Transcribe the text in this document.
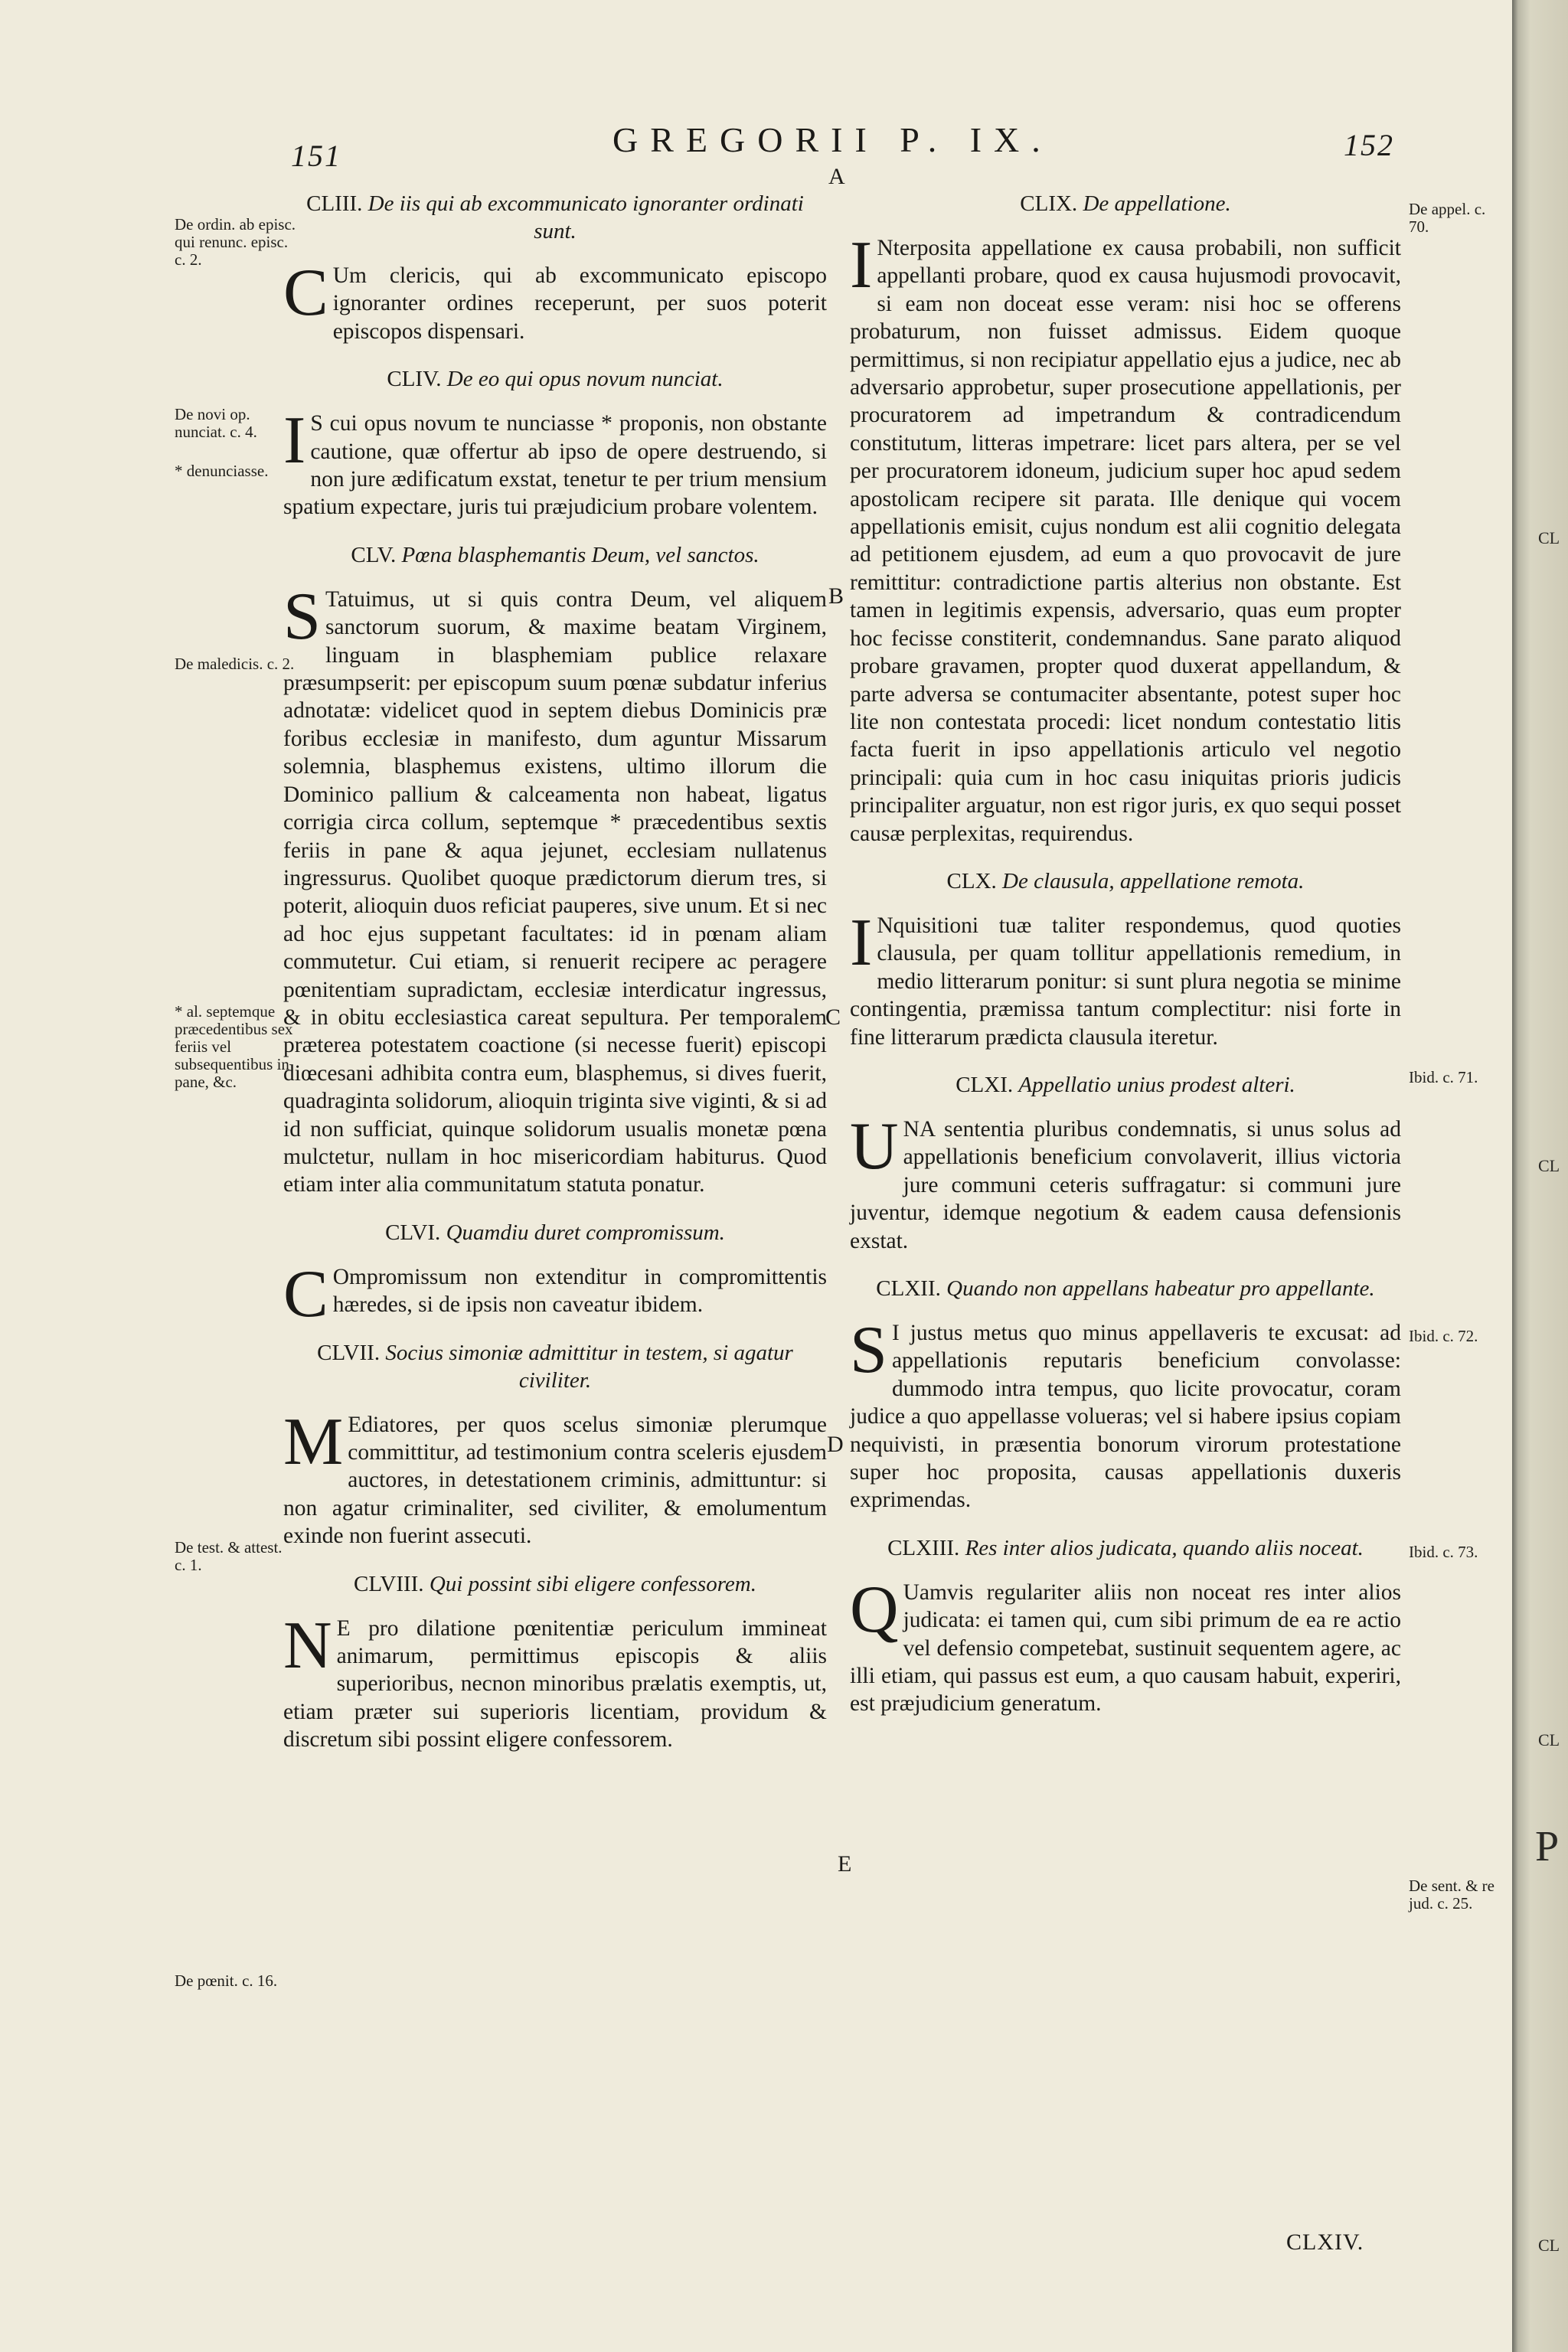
151	GREGORII P. IX.	152
CLIII. De iis qui ab excommunicato ignoranter ordinati sunt.
CUm clericis, qui ab excommunicato episcopo ignoranter ordines receperunt, per suos poterit episcopos dispensari.
CLIV. De eo qui opus novum nunciat.
IS cui opus novum te nunciasse * proponis, non obstante cautione, quæ offertur ab ipso de opere destruendo, si non jure ædificatum exstat, tenetur te per trium mensium spatium expectare, juris tui præjudicium probare volentem.
CLV. Pœna blasphemantis Deum, vel sanctos.
STatuimus, ut si quis contra Deum, vel aliquem sanctorum suorum, & maxime beatam Virginem, linguam in blasphemiam publice relaxare præsumpserit: per episcopum suum pœnæ subdatur inferius adnotatæ: videlicet quod in septem diebus Dominicis præ foribus ecclesiæ in manifesto, dum aguntur Missarum solemnia, blasphemus existens, ultimo illorum die Dominico pallium & calceamenta non habeat, ligatus corrigia circa collum, septemque * præcedentibus sextis feriis in pane & aqua jejunet, ecclesiam nullatenus ingressurus. Quolibet quoque prædictorum dierum tres, si poterit, alioquin duos reficiat pauperes, sive unum. Et si nec ad hoc ejus suppetant facultates: id in pœnam aliam commutetur. Cui etiam, si renuerit recipere ac peragere pœnitentiam supradictam, ecclesiæ interdicatur ingressus, & in obitu ecclesiastica careat sepultura. Per temporalem præterea potestatem coactione (si necesse fuerit) episcopi diœcesani adhibita contra eum, blasphemus, si dives fuerit, quadraginta solidorum, alioquin triginta sive viginti, & si ad id non sufficiat, quinque solidorum usualis monetæ pœna mulctetur, nullam in hoc misericordiam habiturus. Quod etiam inter alia communitatum statuta ponatur.
CLVI. Quamdiu duret compromissum.
COmpromissum non extenditur in compromittentis hæredes, si de ipsis non caveatur ibidem.
CLVII. Socius simoniæ admittitur in testem, si agatur civiliter.
MEdiatores, per quos scelus simoniæ plerumque committitur, ad testimonium contra sceleris ejusdem auctores, in detestationem criminis, admittuntur: si non agatur criminaliter, sed civiliter, & emolumentum exinde non fuerint assecuti.
CLVIII. Qui possint sibi eligere confessorem.
NE pro dilatione pœnitentiæ periculum immineat animarum, permittimus episcopis & aliis superioribus, necnon minoribus prælatis exemptis, ut, etiam præter sui superioris licentiam, providum & discretum sibi possint eligere confessorem.
CLIX. De appellatione.
INterposita appellatione ex causa probabili, non sufficit appellanti probare, quod ex causa hujusmodi provocavit, si eam non doceat esse veram: nisi hoc se offerens probaturum, non fuisset admissus. Eidem quoque permittimus, si non recipiatur appellatio ejus a judice, nec ab adversario approbetur, super prosecutione appellationis, per procuratorem ad impetrandum & contradicendum constitutum, litteras impetrare: licet pars altera, per se vel per procuratorem idoneum, judicium super hoc apud sedem apostolicam recipere sit parata. Ille denique qui vocem appellationis emisit, cujus nondum est alii cognitio delegata ad petitionem ejusdem, ad eum a quo provocavit de jure remittitur: contradictione partis alterius non obstante. Est tamen in legitimis expensis, adversario, quas eum propter hoc fecisse constiterit, condemnandus. Sane parato aliquod probare gravamen, propter quod duxerat appellandum, & parte adversa se contumaciter absentante, potest super hoc lite non contestata procedi: licet nondum contestatio litis facta fuerit in ipso appellationis articulo vel negotio principali: quia cum in hoc casu iniquitas prioris judicis principaliter arguatur, non est rigor juris, ex quo sequi posset causæ perplexitas, requirendus.
CLX. De clausula, appellatione remota.
INquisitioni tuæ taliter respondemus, quod quoties clausula, per quam tollitur appellationis remedium, in medio litterarum ponitur: si sunt plura negotia se minime contingentia, præmissa tantum complectitur: nisi forte in fine litterarum prædicta clausula iteretur.
CLXI. Appellatio unius prodest alteri.
UNA sententia pluribus condemnatis, si unus solus ad appellationis beneficium convolaverit, illius victoria jure communi ceteris suffragatur: si communi jure juventur, idemque negotium & eadem causa defensionis exstat.
CLXII. Quando non appellans habeatur pro appellante.
SI justus metus quo minus appellaveris te excusat: ad appellationis reputaris beneficium convolasse: dummodo intra tempus, quo licite provocatur, coram judice a quo appellasse volueras; vel si habere ipsius copiam nequivisti, in præsentia bonorum virorum protestatione super hoc proposita, causas appellationis duxeris exprimendas.
CLXIII. Res inter alios judicata, quando aliis noceat.
QUamvis regulariter aliis non noceat res inter alios judicata: ei tamen qui, cum sibi primum de ea re actio vel defensio competebat, sustinuit sequentem agere, ac illi etiam, qui passus est eum, a quo causam habuit, experiri, est præjudicium generatum.
De ordin. ab episc. qui renunc. episc. c. 2.
De novi op. nunciat. c. 4.
* denunciasse.
De maledicis. c. 2.
* al. septemque præcedentibus sex feriis vel subsequentibus in pane, &c.
De test. & attest. c. 1.
De pœnit. c. 16.
De appel. c. 70.
Ibid. c. 71.
Ibid. c. 72.
Ibid. c. 73.
De sent. & re jud. c. 25.
A
B
C
D
E
CLXIV.
CL
CL
CL
CL
P
